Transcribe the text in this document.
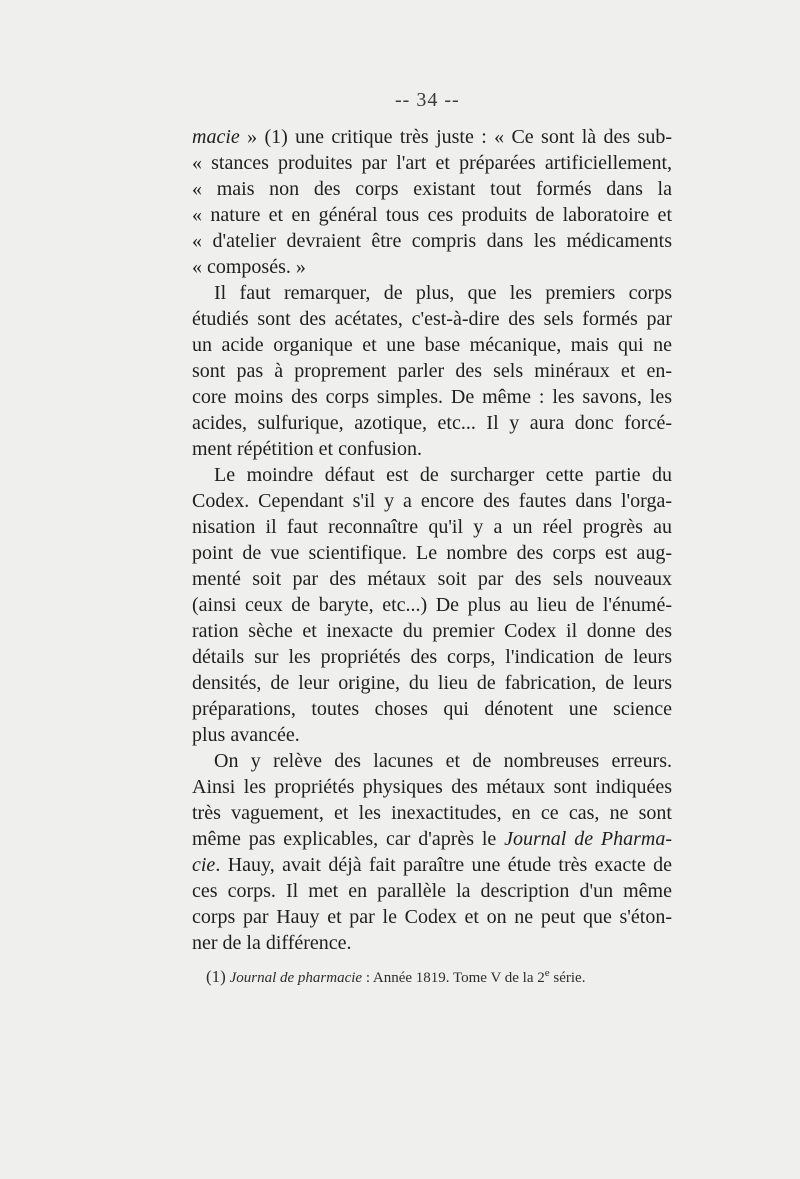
-- 34 --
macie » (1) une critique très juste : « Ce sont là des sub-
« stances produites par l'art et préparées artificiellement,
« mais non des corps existant tout formés dans la
« nature et en général tous ces produits de laboratoire et
« d'atelier devraient être compris dans les médicaments
« composés. »
Il faut remarquer, de plus, que les premiers corps
étudiés sont des acétates, c'est-à-dire des sels formés par
un acide organique et une base mécanique, mais qui ne
sont pas à proprement parler des sels minéraux et en-
core moins des corps simples. De même : les savons, les
acides, sulfurique, azotique, etc... Il y aura donc forcé-
ment répétition et confusion.
Le moindre défaut est de surcharger cette partie du
Codex. Cependant s'il y a encore des fautes dans l'orga-
nisation il faut reconnaître qu'il y a un réel progrès au
point de vue scientifique. Le nombre des corps est aug-
menté soit par des métaux soit par des sels nouveaux
(ainsi ceux de baryte, etc...) De plus au lieu de l'énumé-
ration sèche et inexacte du premier Codex il donne des
détails sur les propriétés des corps, l'indication de leurs
densités, de leur origine, du lieu de fabrication, de leurs
préparations, toutes choses qui dénotent une science
plus avancée.
On y relève des lacunes et de nombreuses erreurs.
Ainsi les propriétés physiques des métaux sont indiquées
très vaguement, et les inexactitudes, en ce cas, ne sont
même pas explicables, car d'après le Journal de Pharma-
cie. Hauy, avait déjà fait paraître une étude très exacte de
ces corps. Il met en parallèle la description d'un même
corps par Hauy et par le Codex et on ne peut que s'éton-
ner de la différence.
(1) Journal de pharmacie : Année 1819. Tome V de la 2e série.
